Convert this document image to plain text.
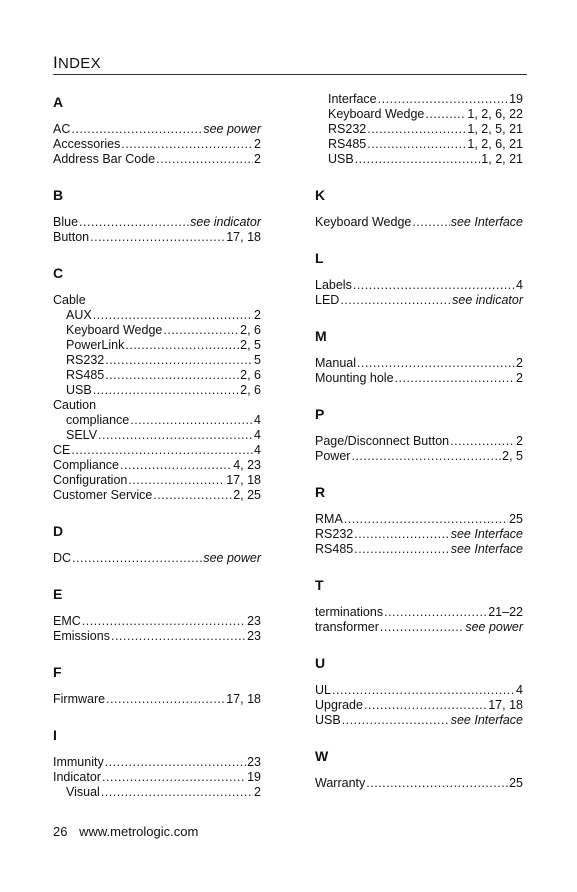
INDEX
A
AC .....	see power
Accessories .....	2
Address Bar Code .....	2
B
Blue .....	see indicator
Button .....	17, 18
C
Cable
AUX .....	2
Keyboard Wedge .....	2, 6
PowerLink .....	2, 5
RS232 .....	5
RS485 .....	2, 6
USB .....	2, 6
Caution
compliance .....	4
SELV .....	4
CE .....	4
Compliance .....	4, 23
Configuration .....	17, 18
Customer Service .....	2, 25
D
DC .....	see power
E
EMC .....	23
Emissions .....	23
F
Firmware .....	17, 18
I
Immunity .....	23
Indicator .....	19
Visual .....	2
Interface .....	19
Keyboard Wedge .....	1, 2, 6, 22
RS232 .....	1, 2, 5, 21
RS485 .....	1, 2, 6, 21
USB .....	1, 2, 21
K
Keyboard Wedge .....	see Interface
L
Labels .....	4
LED .....	see indicator
M
Manual .....	2
Mounting hole .....	2
P
Page/Disconnect Button .....	2
Power .....	2, 5
R
RMA .....	25
RS232 .....	see Interface
RS485 .....	see Interface
T
terminations .....	21–22
transformer .....	see power
U
UL .....	4
Upgrade .....	17, 18
USB .....	see Interface
W
Warranty .....	25
26 www.metrologic.com
